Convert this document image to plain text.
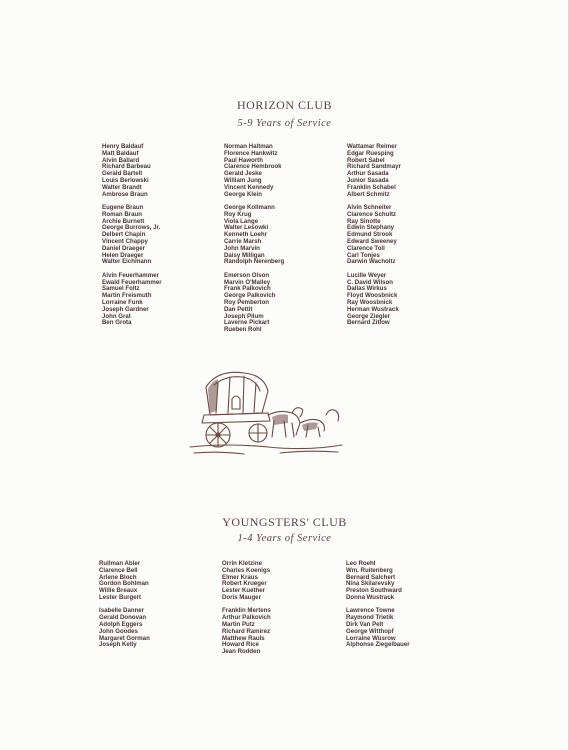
HORIZON CLUB
5-9 Years of Service
Henry Baldauf
Matt Baldauf
Alvin Ballard
Richard Barbeau
Gerald Bartelt
Louis Berlowski
Walter Brandt
Ambrose Braun
Eugene Braun
Roman Braun
Archie Burnett
George Burrows, Jr.
Delbert Chapin
Vincent Chappy
Daniel Draeger
Helen Draeger
Walter Eichmann
Alvin Feuerhammer
Ewald Feuerhammer
Samuel Foltz
Martin Freismuth
Lorraine Funk
Joseph Gardner
John Grat
Ben Grota
Norman Haltman
Florence Hankwitz
Paul Haworth
Clarence Hembrook
Gerald Jeske
William Jung
Vincent Kennedy
George Klein
George Kollmann
Roy Krug
Viola Lange
Walter Lesowki
Kenneth Loehr
Carrie Marsh
John Marvin
Daisy Milligan
Randolph Nerenberg
Emerson Olson
Marvin O'Malley
Frank Palkovich
George Palkovich
Roy Pemberton
Dan Pettit
Joseph Pilum
Laverne Pickart
Rueben Rohl
Wattamar Reimer
Edgar Ruesping
Robert Sabel
Richard Sandmayr
Arthur Sasada
Junior Sasada
Franklin Schabel
Albert Schmitz
Alvin Schneiter
Clarence Schultz
Ray Sinotte
Edwin Stephany
Edmund Strook
Edward Sweeney
Clarence Toll
Carl Tonjes
Darwin Wacholtz
Lucille Weyer
C. David Wilson
Dallas Wirkus
Floyd Woosbnick
Ray Woosbnick
Herman Wustrack
George Ziegler
Bernard Zitlow
YOUNGSTERS' CLUB
1-4 Years of Service
Rullman Abler
Clarence Bell
Arlene Bloch
Gordon Bohlman
Willie Breaux
Lester Burgert
Isabelle Danner
Gerald Donovan
Adolph Eggers
John Goodes
Margaret Gorman
Joseph Kelly
Orrin Kletzine
Charles Koenigs
Elmer Kraus
Robert Krueger
Lester Kuether
Doris Mauger
Franklin Mertens
Arthur Palkovich
Martin Putz
Richard Ramirez
Matthew Rauls
Howard Rice
Jean Rodden
Leo Roehl
Wm. Ruitenberg
Bernard Salchert
Nina Skilarevsky
Preston Southward
Donna Wustrack
Lawrence Towne
Raymond Trietik
Dirk Van Pelt
George Witthopf
Lorraine Wusrow
Alphonse Ziegelbauer
